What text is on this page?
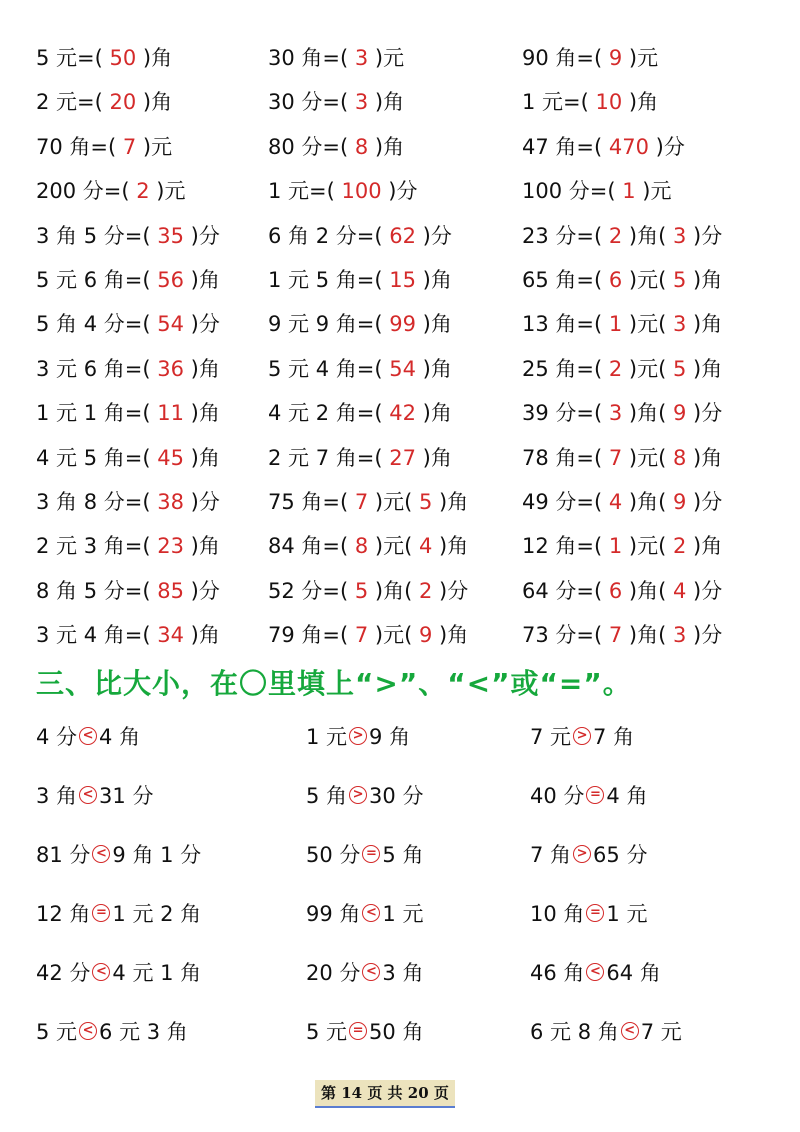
5 元=( 50 )角	30 角=( 3 )元	90 角=( 9 )元
2 元=( 20 )角	30 分=( 3 )角	1 元=( 10 )角
70 角=( 7 )元	80 分=( 8 )角	47 角=( 470 )分
200 分=( 2 )元	1 元=( 100 )分	100 分=( 1 )元
3 角 5 分=( 35 )分 6 角 2 分=( 62 )分	23 分=( 2 )角( 3 )分
5 元 6 角=( 56 )角 1 元 5 角=( 15 )角	65 角=( 6 )元( 5 )角
5 角 4 分=( 54 )分 9 元 9 角=( 99 )角	13 角=( 1 )元( 3 )角
3 元 6 角=( 36 )角 5 元 4 角=( 54 )角	25 角=( 2 )元( 5 )角
1 元 1 角=( 11 )角 4 元 2 角=( 42 )角	39 分=( 3 )角( 9 )分
4 元 5 角=( 45 )角 2 元 7 角=( 27 )角	78 角=( 7 )元( 8 )角
3 角 8 分=( 38 )分 75 角=( 7 )元( 5 )角	49 分=( 4 )角( 9 )分
2 元 3 角=( 23 )角 84 角=( 8 )元( 4 )角	12 角=( 1 )元( 2 )角
8 角 5 分=( 85 )分 52 分=( 5 )角( 2 )分	64 分=( 6 )角( 4 )分
3 元 4 角=( 34 )角 79 角=( 7 )元( 9 )角	73 分=( 7 )角( 3 )分
三、比大小，在〇里填上“>”、“<”或“=”。
4 分 < 4 角	1 元 > 9 角	7 元 > 7 角
3 角 < 31 分	5 角 > 30 分	40 分 = 4 角
81 分 < 9 角 1 分	50 分 = 5 角	7 角 > 65 分
12 角 = 1 元 2 角	99 角 < 1 元	10 角 = 1 元
42 分 < 4 元 1 角	20 分 < 3 角	46 角 < 64 角
5 元 < 6 元 3 角	5 元 = 50 角	6 元 8 角 < 7 元
第 14 页 共 20 页
